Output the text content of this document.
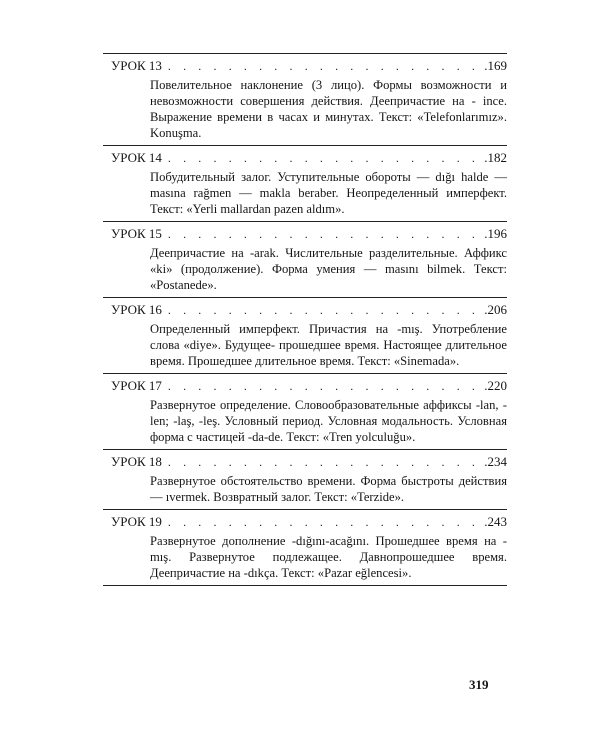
УРОК 13 . . .	.169
Повелительное наклонение (3 лицо). Формы возможности и невозможности совершения действия. Деепричастие на - ince. Выражение времени в часах и минутах. Текст: «Telefonlarımız». Konuşma.
УРОК 14 . . .	.182
Побудительный залог. Уступительные обороты — dığı halde — masına rağmen — makla beraber. Неопределенный имперфект. Текст: «Yerli mallardan pazen aldım».
УРОК 15 . . .	.196
Деепричастие на -arak. Числительные разделительные. Аффикс «ki» (продолжение). Форма умения — masını bilmek. Текст: «Postanede».
УРОК 16 . . .	.206
Определенный имперфект. Причастия на -mış. Употребление слова «diye». Будущее- прошедшее время. Настоящее длительное время. Прошедшее длительное время. Текст: «Sinemada».
УРОК 17 . . .	.220
Развернутое определение. Словообразовательные аффиксы -lan, -len; -laş, -leş. Условный период. Условная модальность. Условная форма с частицей -da-de. Текст: «Tren yolculuğu».
УРОК 18 . . .	.234
Развернутое обстоятельство времени. Форма быстроты действия — ıvermek. Возвратный залог. Текст: «Terzide».
УРОК 19 . . .	.243
Развернутое дополнение -dığını-acağını. Прошедшее время на -mış. Развернутое подлежащее. Давнопрошедшее время. Деепричастие на -dıkça. Текст: «Pazar eğlencesi».
319
